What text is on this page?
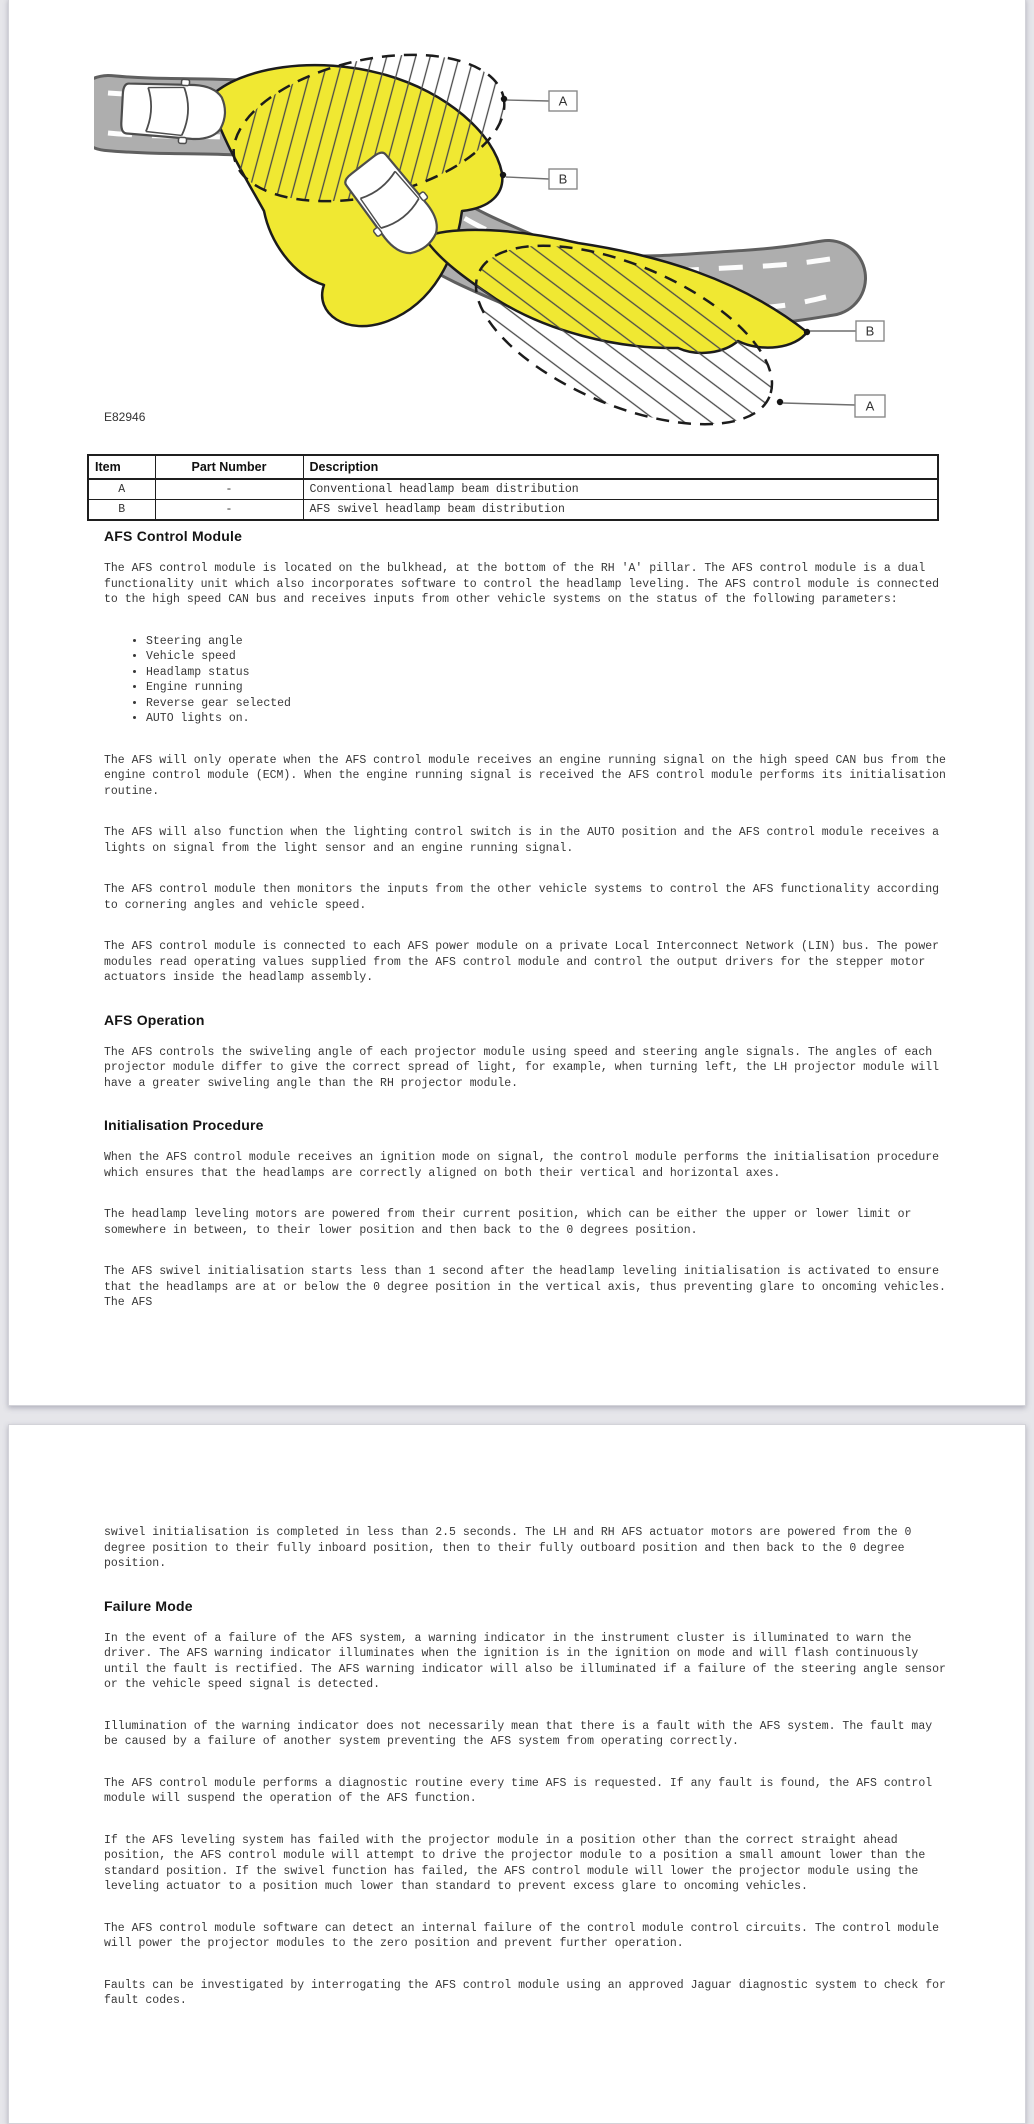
A
B
B
A
E82946
Item	Part Number	Description
A	-	Conventional headlamp beam distribution
B	-	AFS swivel headlamp beam distribution
AFS Control Module

The AFS control module is located on the bulkhead, at the bottom of the RH 'A' pillar. The AFS control module is a dual functionality unit which also incorporates software to control the headlamp leveling. The AFS control module is connected to the high speed CAN bus and receives inputs from other vehicle systems on the status of the following parameters:

• Steering angle
• Vehicle speed
• Headlamp status
• Engine running
• Reverse gear selected
• AUTO lights on.

The AFS will only operate when the AFS control module receives an engine running signal on the high speed CAN bus from the engine control module (ECM). When the engine running signal is received the AFS control module performs its initialisation routine.

The AFS will also function when the lighting control switch is in the AUTO position and the AFS control module receives a lights on signal from the light sensor and an engine running signal.

The AFS control module then monitors the inputs from the other vehicle systems to control the AFS functionality according to cornering angles and vehicle speed.

The AFS control module is connected to each AFS power module on a private Local Interconnect Network (LIN) bus. The power modules read operating values supplied from the AFS control module and control the output drivers for the stepper motor actuators inside the headlamp assembly.

AFS Operation

The AFS controls the swiveling angle of each projector module using speed and steering angle signals. The angles of each projector module differ to give the correct spread of light, for example, when turning left, the LH projector module will have a greater swiveling angle than the RH projector module.

Initialisation Procedure

When the AFS control module receives an ignition mode on signal, the control module performs the initialisation procedure which ensures that the headlamps are correctly aligned on both their vertical and horizontal axes.

The headlamp leveling motors are powered from their current position, which can be either the upper or lower limit or somewhere in between, to their lower position and then back to the 0 degrees position.

The AFS swivel initialisation starts less than 1 second after the headlamp leveling initialisation is activated to ensure that the headlamps are at or below the 0 degree position in the vertical axis, thus preventing glare to oncoming vehicles. The AFS

swivel initialisation is completed in less than 2.5 seconds. The LH and RH AFS actuator motors are powered from the 0 degree position to their fully inboard position, then to their fully outboard position and then back to the 0 degree position.

Failure Mode

In the event of a failure of the AFS system, a warning indicator in the instrument cluster is illuminated to warn the driver. The AFS warning indicator illuminates when the ignition is in the ignition on mode and will flash continuously until the fault is rectified. The AFS warning indicator will also be illuminated if a failure of the steering angle sensor or the vehicle speed signal is detected.

Illumination of the warning indicator does not necessarily mean that there is a fault with the AFS system. The fault may be caused by a failure of another system preventing the AFS system from operating correctly.

The AFS control module performs a diagnostic routine every time AFS is requested. If any fault is found, the AFS control module will suspend the operation of the AFS function.

If the AFS leveling system has failed with the projector module in a position other than the correct straight ahead position, the AFS control module will attempt to drive the projector module to a position a small amount lower than the standard position. If the swivel function has failed, the AFS control module will lower the projector module using the leveling actuator to a position much lower than standard to prevent excess glare to oncoming vehicles.

The AFS control module software can detect an internal failure of the control module control circuits. The control module will power the projector modules to the zero position and prevent further operation.

Faults can be investigated by interrogating the AFS control module using an approved Jaguar diagnostic system to check for fault codes.
